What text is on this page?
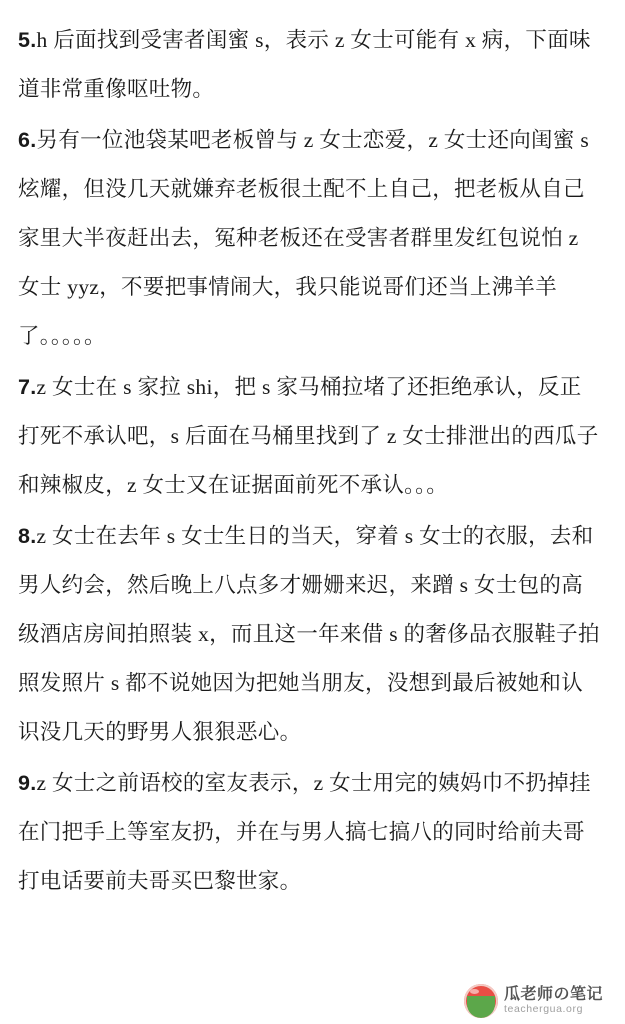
5.h 后面找到受害者闺蜜 s，表示 z 女士可能有 x 病，下面味道非常重像呕吐物。

6.另有一位池袋某吧老板曾与 z 女士恋爱，z 女士还向闺蜜 s 炫耀，但没几天就嫌弃老板很土配不上自己，把老板从自己家里大半夜赶出去，冤种老板还在受害者群里发红包说怕 z 女士 yyz，不要把事情闹大，我只能说哥们还当上沸羊羊了。。。。。

7.z 女士在 s 家拉 shi，把 s 家马桶拉堵了还拒绝承认，反正打死不承认吧，s 后面在马桶里找到了 z 女士排泄出的西瓜子和辣椒皮，z 女士又在证据面前死不承认。。。

8.z 女士在去年 s 女士生日的当天，穿着 s 女士的衣服，去和男人约会，然后晚上八点多才姗姗来迟，来蹭 s 女士包的高级酒店房间拍照装 x，而且这一年来借 s 的奢侈品衣服鞋子拍照发照片 s 都不说她因为把她当朋友，没想到最后被她和认识没几天的野男人狠狠恶心。

9.z 女士之前语校的室友表示，z 女士用完的姨妈巾不扔掉挂在门把手上等室友扔，并在与男人搞七搞八的同时给前夫哥打电话要前夫哥买巴黎世家。

瓜老师の笔记
teachergua.org
